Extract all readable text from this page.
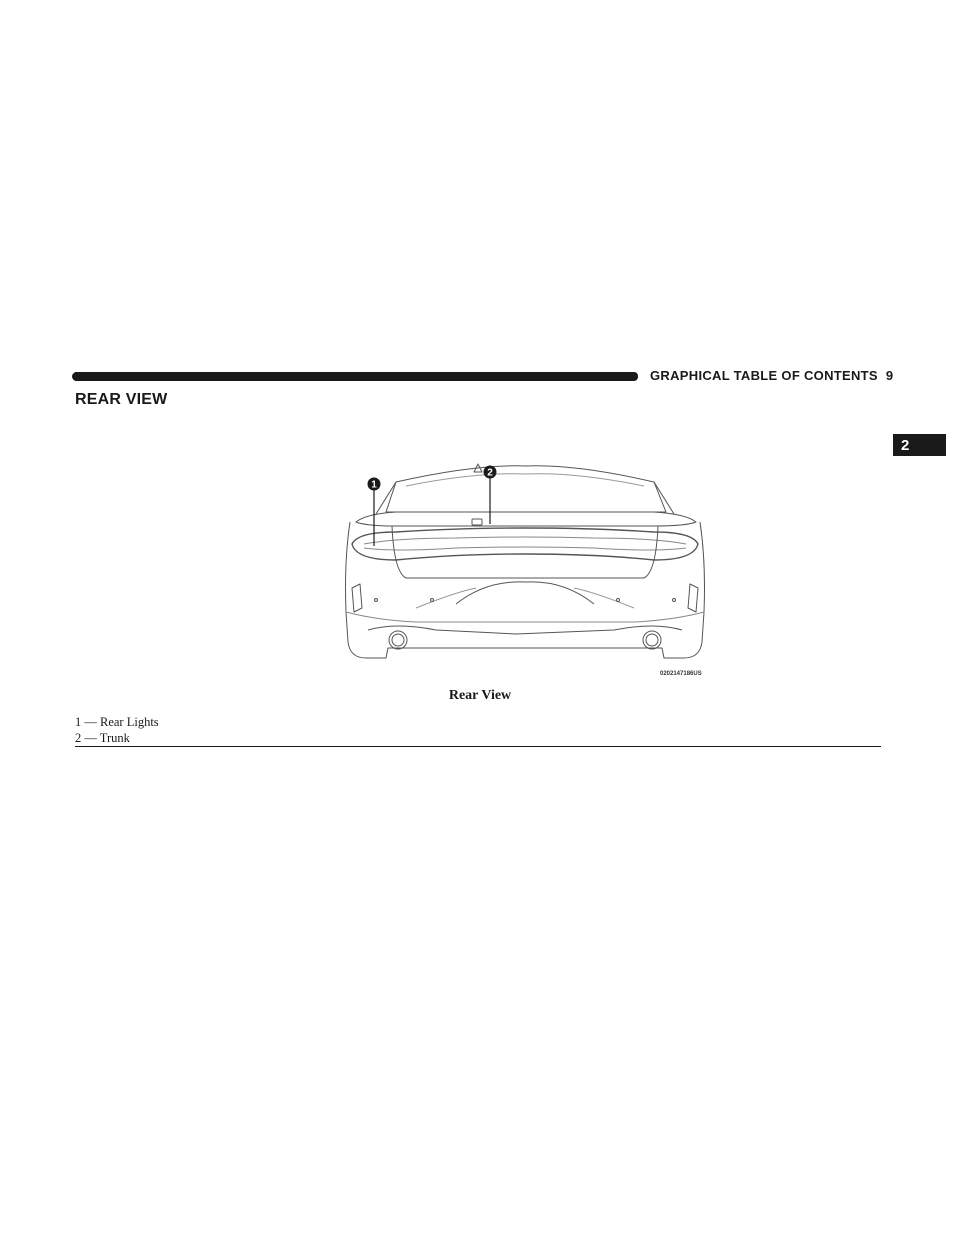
GRAPHICAL TABLE OF CONTENTS 9
2
REAR VIEW
1
2
0202147186US
Rear View
1 — Rear Lights
2 — Trunk
